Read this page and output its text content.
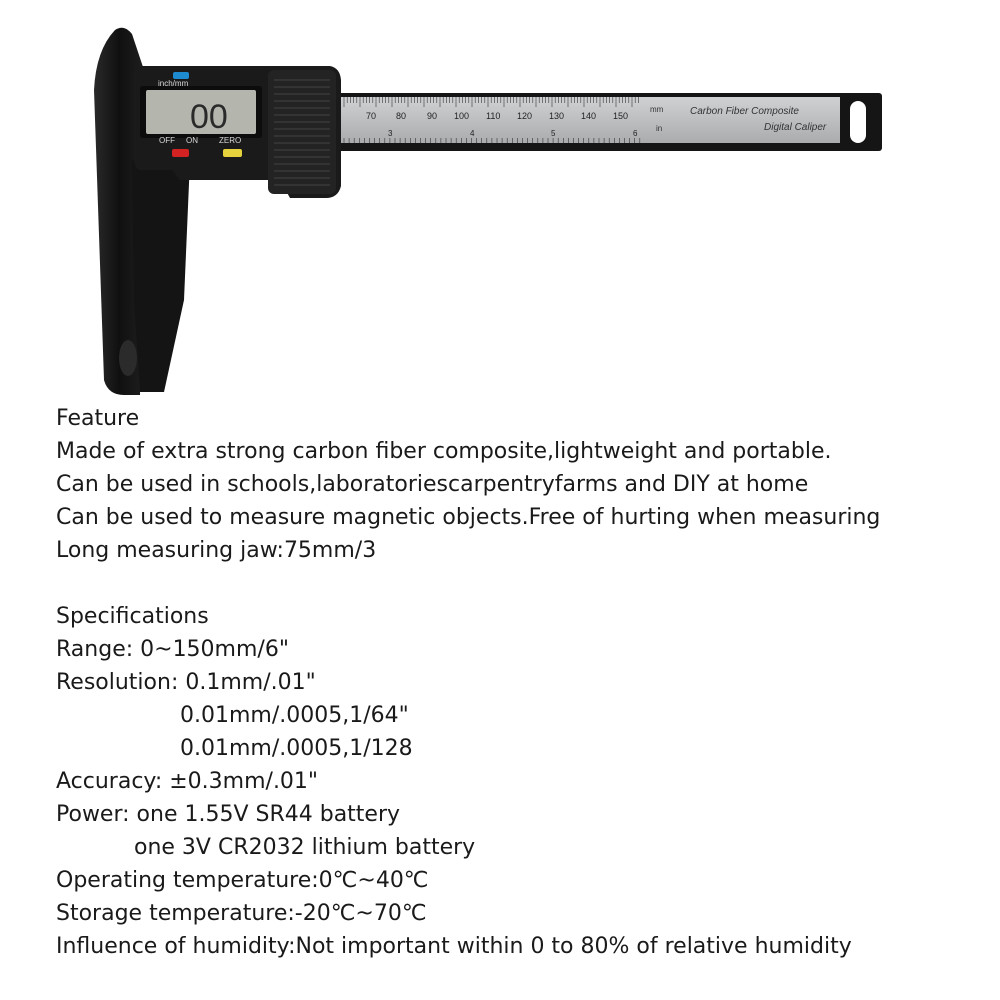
70 80 90 100 110 120 130 140 150
3	4	5	6
mm
in
Carbon Fiber Composite
Digital Caliper
00
inch/mm
OFF ON	ZERO
Feature
Made of extra strong carbon fiber composite,lightweight and portable.
Can be used in schools,laboratoriescarpentryfarms and DIY at home
Can be used to measure magnetic objects.Free of hurting when measuring
Long measuring jaw:75mm/3
Specifications
Range: 0~150mm/6"
Resolution: 0.1mm/.01"
0.01mm/.0005,1/64"
0.01mm/.0005,1/128
Accuracy: ±0.3mm/.01"
Power: one 1.55V SR44 battery
one 3V CR2032 lithium battery
Operating temperature:0℃~40℃
Storage temperature:-20℃~70℃
Influence of humidity:Not important within 0 to 80% of relative humidity
